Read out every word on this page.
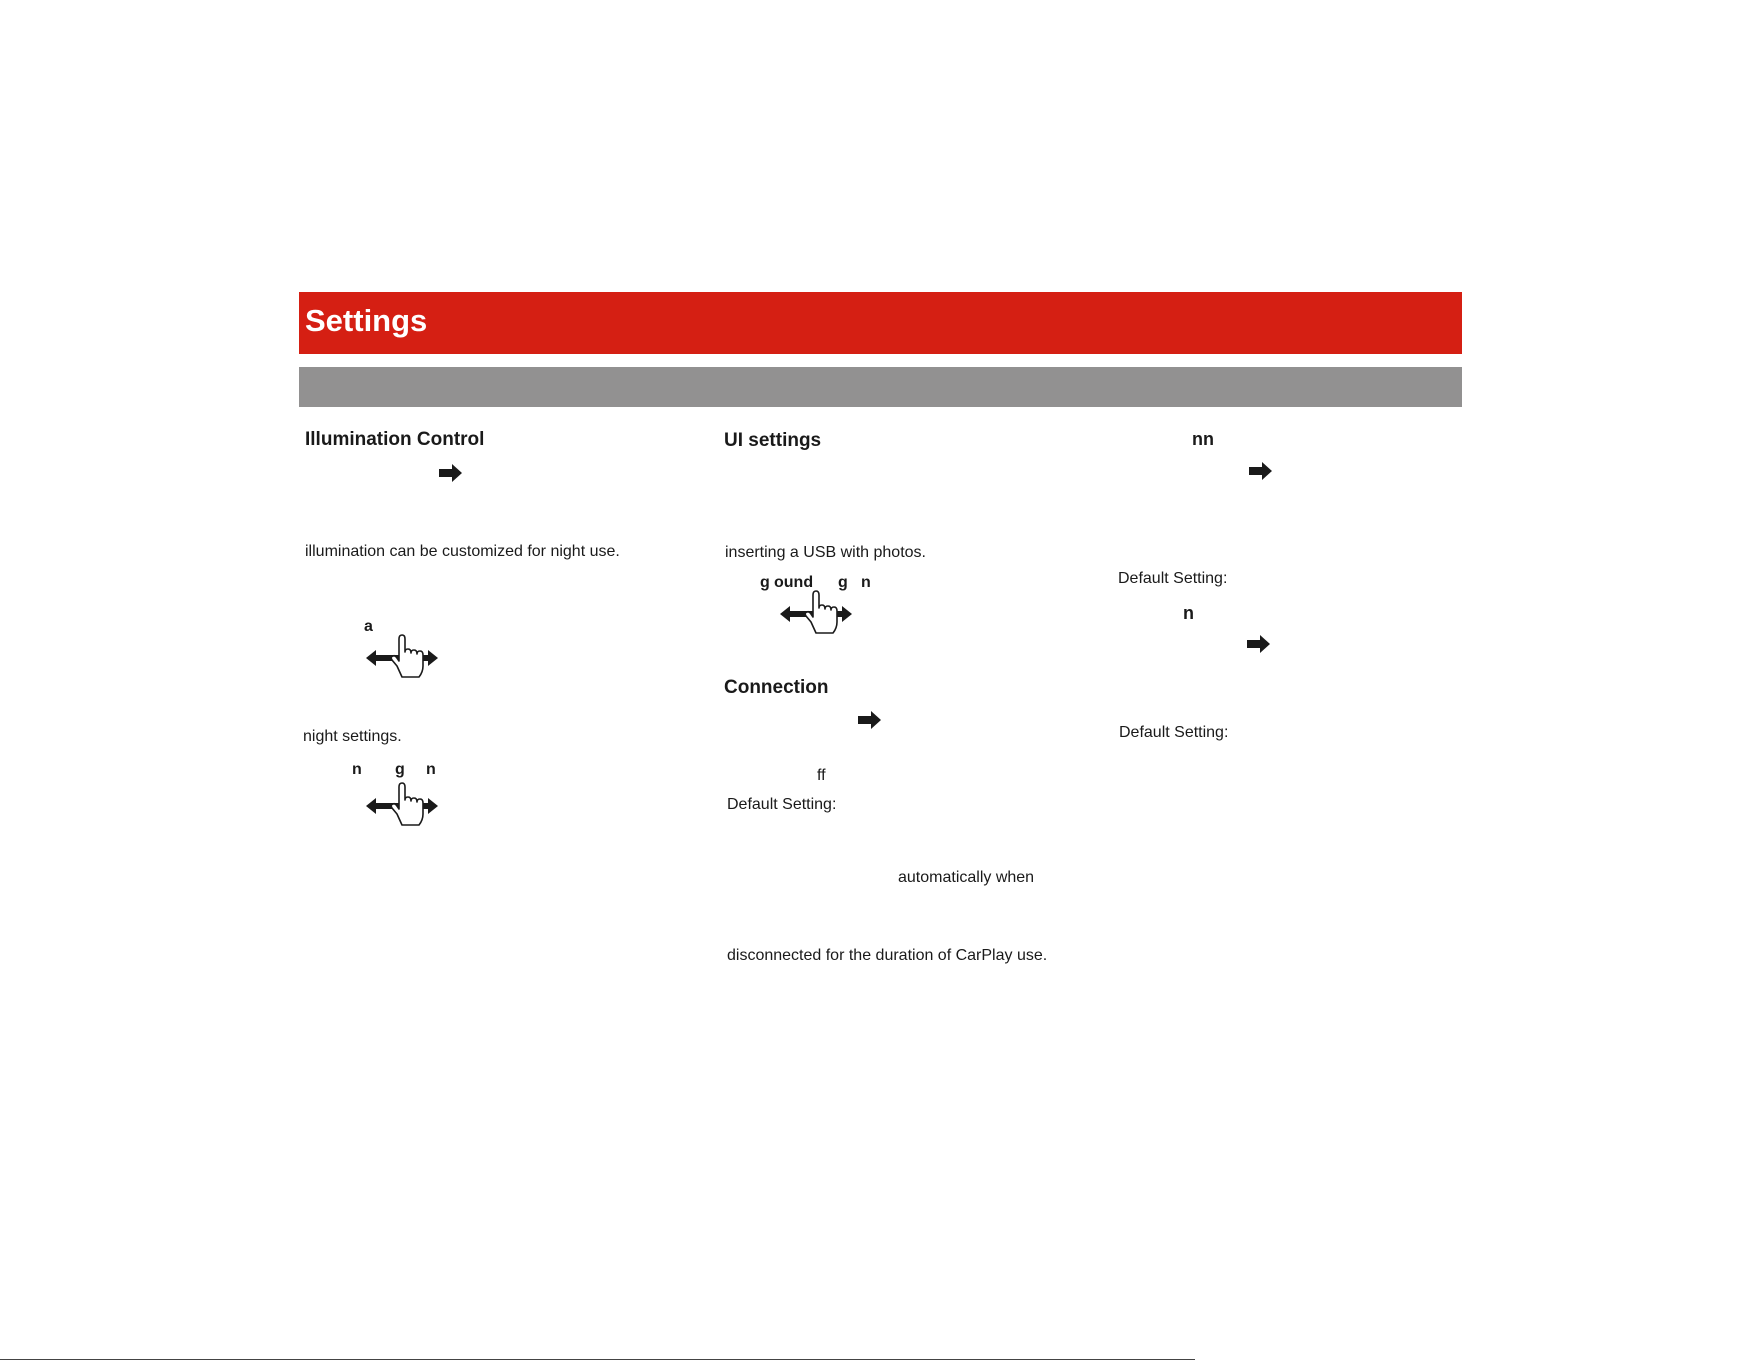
Settings
Illumination Control
illumination can be customized for night use.
a
night settings.
n g n
UI settings
inserting a USB with photos.
g ound g n
Connection
ff
Default Setting:
automatically when
disconnected for the duration of CarPlay use.
nn
Default Setting:
n
Default Setting:
